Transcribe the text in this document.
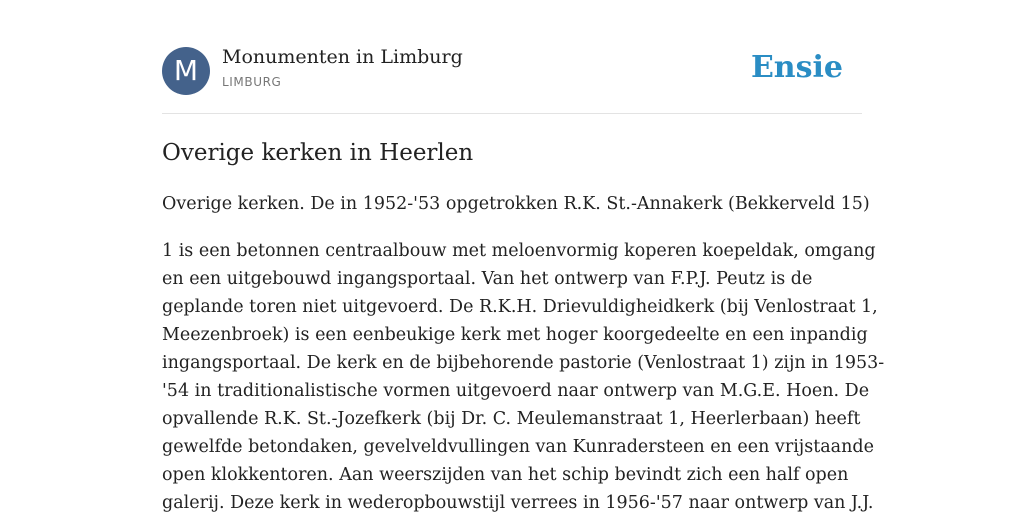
M	Monumenten in Limburg
LIMBURG	Ensie
Overige kerken in Heerlen

Overige kerken. De in 1952-'53 opgetrokken R.K. St.-Annakerk (Bekkerveld 15)

1 is een betonnen centraalbouw met meloenvormig koperen koepeldak, omgang
en een uitgebouwd ingangsportaal. Van het ontwerp van F.P.J. Peutz is de
geplande toren niet uitgevoerd. De R.K.H. Drievuldigheidkerk (bij Venlostraat 1,
Meezenbroek) is een eenbeukige kerk met hoger koorgedeelte en een inpandig
ingangsportaal. De kerk en de bijbehorende pastorie (Venlostraat 1) zijn in 1953-
'54 in traditionalistische vormen uitgevoerd naar ontwerp van M.G.E. Hoen. De
opvallende R.K. St.-Jozefkerk (bij Dr. C. Meulemanstraat 1, Heerlerbaan) heeft
gewelfde betondaken, gevelveldvullingen van Kunradersteen en een vrijstaande
open klokkentoren. Aan weerszijden van het schip bevindt zich een half open
galerij. Deze kerk in wederopbouwstijl verrees in 1956-'57 naar ontwerp van J.J.
